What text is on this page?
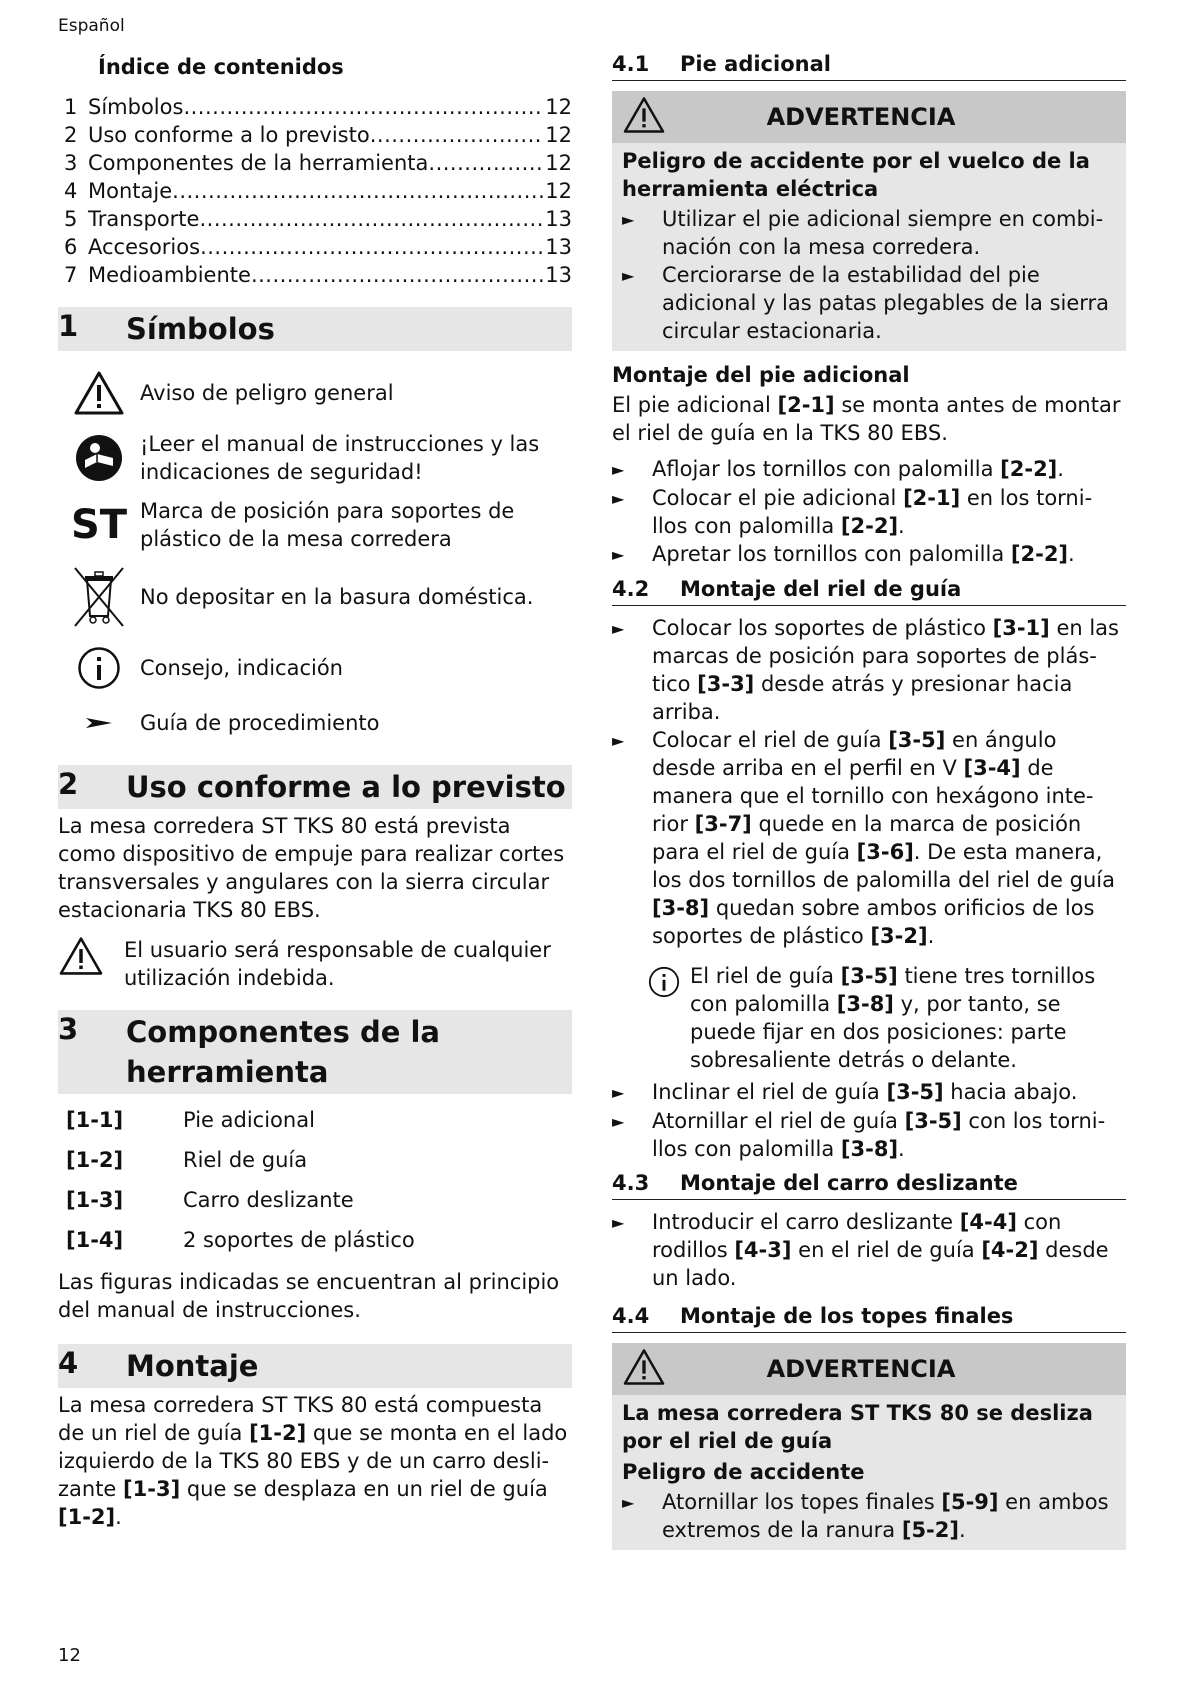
Español
Índice de contenidos
1 Símbolos .....	12
2 Uso conforme a lo previsto .....	12
3 Componentes de la herramienta .....	12
4 Montaje .....	12
5 Transporte .....	13
6 Accesorios .....	13
7 Medioambiente .....	13
1	Símbolos
Aviso de peligro general
¡Leer el manual de instrucciones y las indicaciones de seguridad!
ST Marca de posición para soportes de plástico de la mesa corredera
No depositar en la basura doméstica.
Consejo, indicación
Guía de procedimiento
2	Uso conforme a lo previsto

La mesa corredera ST TKS 80 está prevista como dispositivo de empuje para realizar cortes transversales y angulares con la sierra circular estacionaria TKS 80 EBS.

El usuario será responsable de cualquier utilización indebida.

3	Componentes de la herramienta
[1-1]	Pie adicional
[1-2]	Riel de guía
[1-3]	Carro deslizante
[1-4]	2 soportes de plástico

Las figuras indicadas se encuentran al principio del manual de instrucciones.

4	Montaje

La mesa corredera ST TKS 80 está compuesta de un riel de guía [1-2] que se monta en el lado izquierdo de la TKS 80 EBS y de un carro desli-zante [1-3] que se desplaza en un riel de guía [1-2].

4.1	Pie adicional
ADVERTENCIA

Peligro de accidente por el vuelco de la herramienta eléctrica

►	Utilizar el pie adicional siempre en combi-nación con la mesa corredera.
►	Cerciorarse de la estabilidad del pie adicional y las patas plegables de la sierra circular estacionaria.

Montaje del pie adicional

El pie adicional [2-1] se monta antes de montar el riel de guía en la TKS 80 EBS.

►	Aflojar los tornillos con palomilla [2-2].
►	Colocar el pie adicional [2-1] en los torni-llos con palomilla [2-2].
►	Apretar los tornillos con palomilla [2-2].
4.2	Montaje del riel de guía
►	Colocar los soportes de plástico [3-1] en las marcas de posición para soportes de plás-tico [3-3] desde atrás y presionar hacia arriba.
►	Colocar el riel de guía [3-5] en ángulo desde arriba en el perfil en V [3-4] de manera que el tornillo con hexágono inte-rior [3-7] quede en la marca de posición para el riel de guía [3-6]. De esta manera, los dos tornillos de palomilla del riel de guía [3-8] quedan sobre ambos orificios de los soportes de plástico [3-2].
El riel de guía [3-5] tiene tres tornillos con palomilla [3-8] y, por tanto, se puede fijar en dos posiciones: parte sobresaliente detrás o delante.
►	Inclinar el riel de guía [3-5] hacia abajo.
►	Atornillar el riel de guía [3-5] con los torni-llos con palomilla [3-8].
4.3	Montaje del carro deslizante
►	Introducir el carro deslizante [4-4] con rodillos [4-3] en el riel de guía [4-2] desde un lado.
4.4	Montaje de los topes finales
ADVERTENCIA

La mesa corredera ST TKS 80 se desliza por el riel de guía

Peligro de accidente

►	Atornillar los topes finales [5-9] en ambos extremos de la ranura [5-2].
12
